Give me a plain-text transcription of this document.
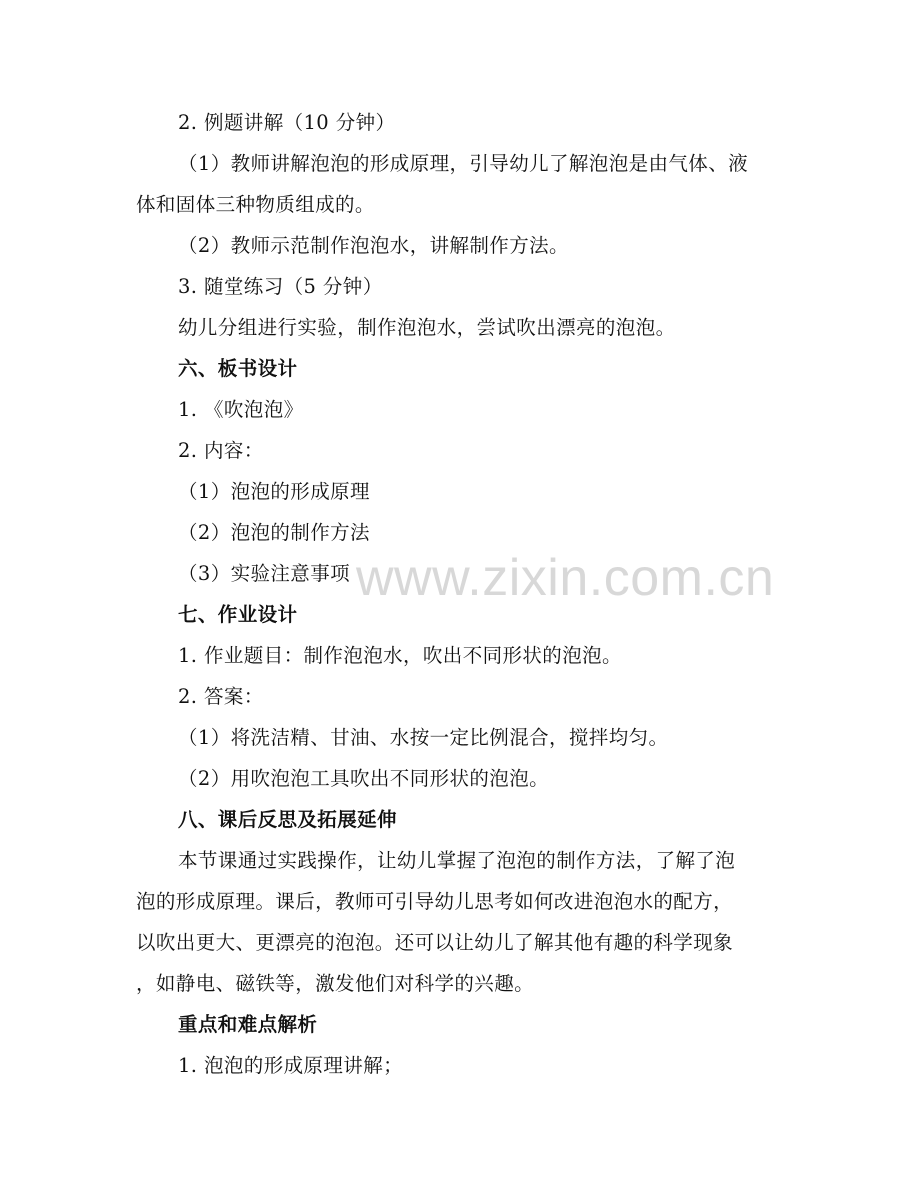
2. 例题讲解（10 分钟）
（1）教师讲解泡泡的形成原理，引导幼儿了解泡泡是由气体、液
体和固体三种物质组成的。
（2）教师示范制作泡泡水，讲解制作方法。
3. 随堂练习（5 分钟）
幼儿分组进行实验，制作泡泡水，尝试吹出漂亮的泡泡。
六、板书设计
1. 《吹泡泡》
2. 内容：
（1）泡泡的形成原理
（2）泡泡的制作方法
（3）实验注意事项
七、作业设计
1. 作业题目：制作泡泡水，吹出不同形状的泡泡。
2. 答案：
（1）将洗洁精、甘油、水按一定比例混合，搅拌均匀。
（2）用吹泡泡工具吹出不同形状的泡泡。
八、课后反思及拓展延伸
本节课通过实践操作，让幼儿掌握了泡泡的制作方法，了解了泡
泡的形成原理。课后，教师可引导幼儿思考如何改进泡泡水的配方，
以吹出更大、更漂亮的泡泡。还可以让幼儿了解其他有趣的科学现象
，如静电、磁铁等，激发他们对科学的兴趣。
重点和难点解析
1. 泡泡的形成原理讲解；
www.zixin.com.cn
